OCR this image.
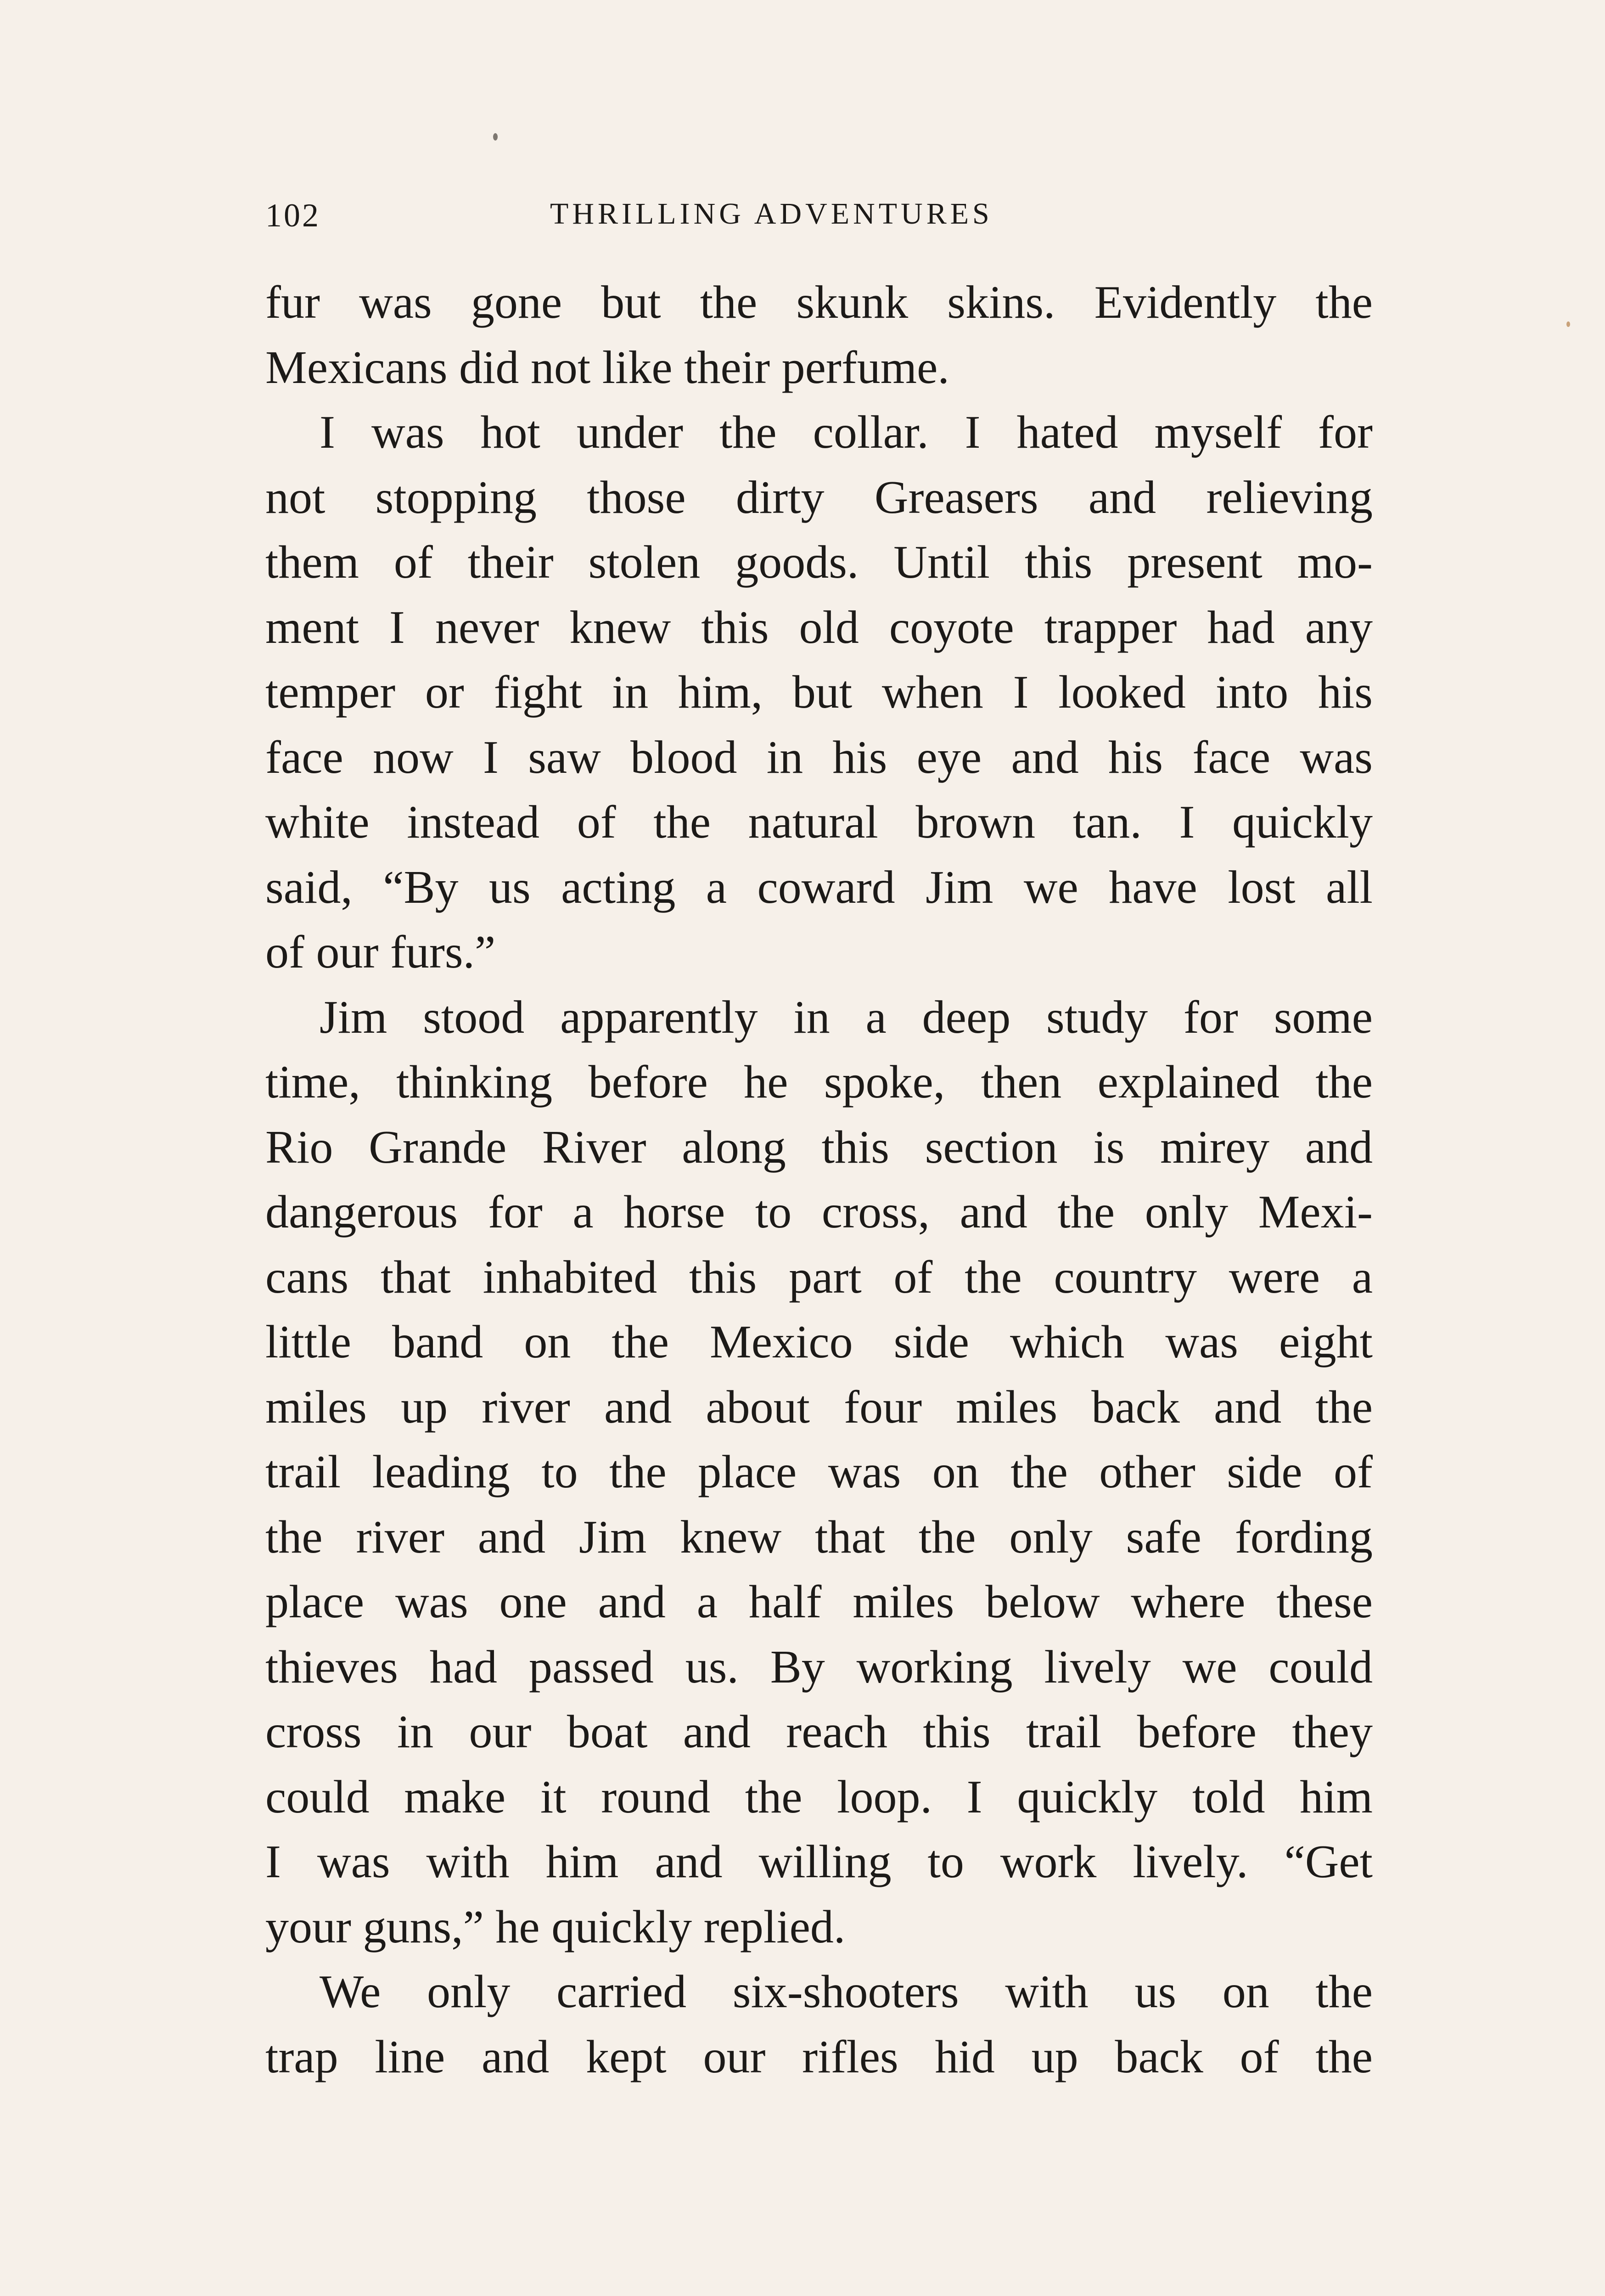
102	THRILLING ADVENTURES
fur was gone but the skunk skins. Evidently the
Mexicans did not like their perfume.
I was hot under the collar. I hated myself for
not stopping those dirty Greasers and relieving
them of their stolen goods. Until this present mo-
ment I never knew this old coyote trapper had any
temper or fight in him, but when I looked into his
face now I saw blood in his eye and his face was
white instead of the natural brown tan. I quickly
said, “By us acting a coward Jim we have lost all
of our furs.”
Jim stood apparently in a deep study for some
time, thinking before he spoke, then explained the
Rio Grande River along this section is mirey and
dangerous for a horse to cross, and the only Mexi-
cans that inhabited this part of the country were a
little band on the Mexico side which was eight
miles up river and about four miles back and the
trail leading to the place was on the other side of
the river and Jim knew that the only safe fording
place was one and a half miles below where these
thieves had passed us. By working lively we could
cross in our boat and reach this trail before they
could make it round the loop. I quickly told him
I was with him and willing to work lively. “Get
your guns,” he quickly replied.
We only carried six-shooters with us on the
trap line and kept our rifles hid up back of the
